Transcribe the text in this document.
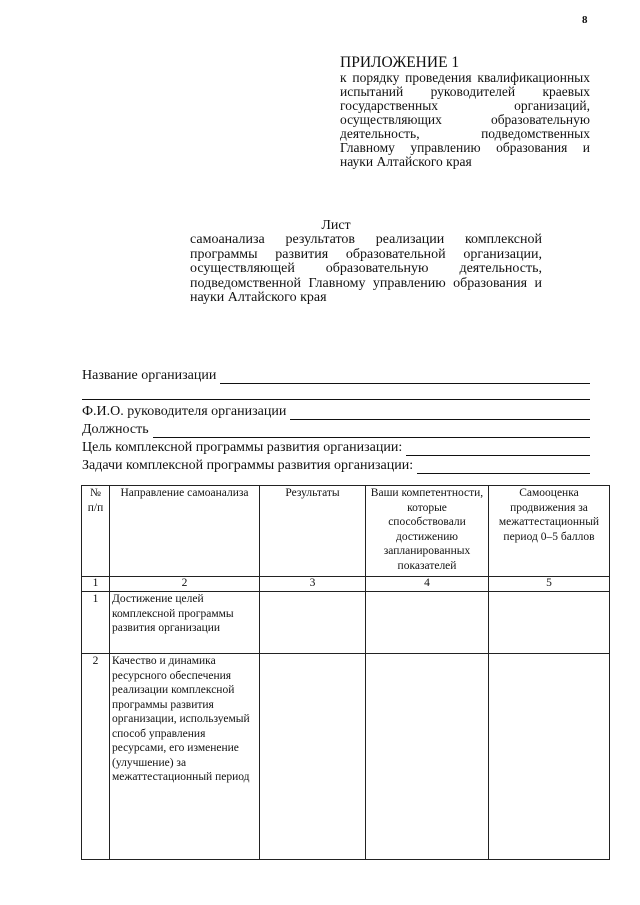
8
ПРИЛОЖЕНИЕ 1
к порядку проведения квалификационных испытаний руководителей краевых государственных организаций, осуществляющих образовательную деятельность, подведомственных Главному управлению образования и науки Алтайского края
Лист
самоанализа результатов реализации комплексной программы развития образовательной организации, осуществляющей образовательную деятельность, подведомственной Главному управлению образования и науки Алтайского края
Название организации
Ф.И.О. руководителя организации
Должность
Цель комплексной программы развития организации:
Задачи комплексной программы развития организации:
№ п/п	Направление самоанализа	Результаты	Ваши компетентности, которые способствовали достижению запланированных показателей	Самооценка продвижения за межаттестационный период 0–5 баллов
1	2	3	4	5
1	Достижение целей комплексной программы развития организации			
2	Качество и динамика ресурсного обеспечения реализации комплексной программы развития организации, используемый способ управления ресурсами, его изменение (улучшение) за межаттестационный период			
